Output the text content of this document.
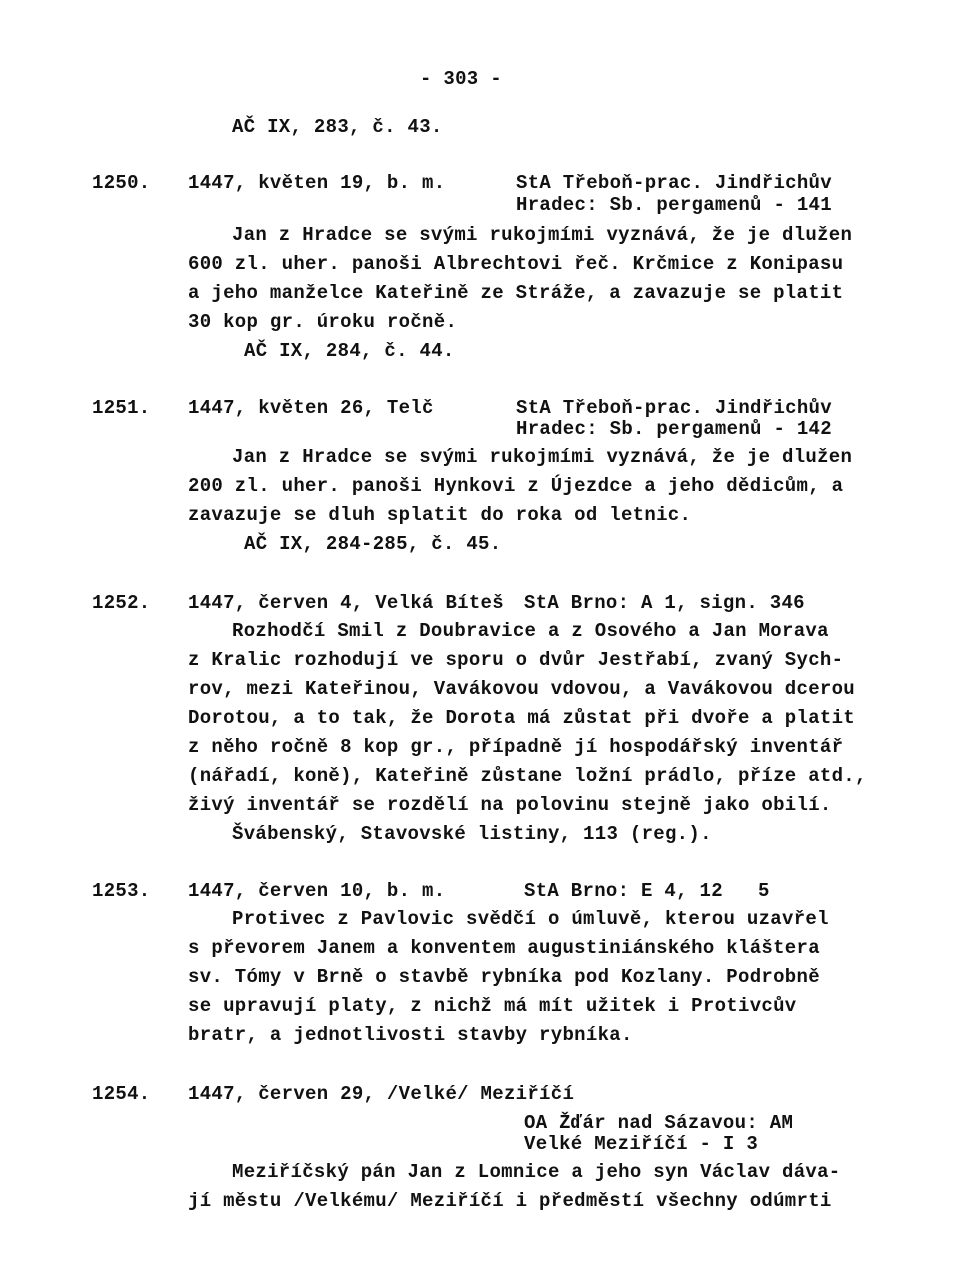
- 303 -
AČ IX, 283, č. 43.
1250. 1447, květen 19, b. m.	StA Třeboň-prac. Jindřichův
Hradec: Sb. pergamenů - 141
Jan z Hradce se svými rukojmími vyznává, že je dlužen
600 zl. uher. panoši Albrechtovi řeč. Krčmice z Konipasu
a jeho manželce Kateřině ze Stráže, a zavazuje se platit
30 kop gr. úroku ročně.
AČ IX, 284, č. 44.
1251. 1447, květen 26, Telč	StA Třeboň-prac. Jindřichův
Hradec: Sb. pergamenů - 142
Jan z Hradce se svými rukojmími vyznává, že je dlužen
200 zl. uher. panoši Hynkovi z Újezdce a jeho dědicům, a
zavazuje se dluh splatit do roka od letnic.
AČ IX, 284-285, č. 45.
1252. 1447, červen 4, Velká Bíteš StA Brno: A 1, sign. 346
Rozhodčí Smil z Doubravice a z Osového a Jan Morava
z Kralic rozhodují ve sporu o dvůr Jestřabí, zvaný Sych-
rov, mezi Kateřinou, Vavákovou vdovou, a Vavákovou dcerou
Dorotou, a to tak, že Dorota má zůstat při dvoře a platit
z něho ročně 8 kop gr., případně jí hospodářský inventář
(nářadí, koně), Kateřině zůstane ložní prádlo, příze atd.,
živý inventář se rozdělí na polovinu stejně jako obilí.
Švábenský, Stavovské listiny, 113 (reg.).
1253. 1447, červen 10, b. m.	StA Brno: E 4, 12   5
Protivec z Pavlovic svědčí o úmluvě, kterou uzavřel
s převorem Janem a konventem augustiniánského kláštera
sv. Tómy v Brně o stavbě rybníka pod Kozlany. Podrobně
se upravují platy, z nichž má mít užitek i Protivcův
bratr, a jednotlivosti stavby rybníka.
1254. 1447, červen 29, /Velké/ Meziříčí
OA Žďár nad Sázavou: AM
Velké Meziříčí - I 3
Meziříčský pán Jan z Lomnice a jeho syn Václav dáva-
jí městu /Velkému/ Meziříčí i předměstí všechny odúmrti
